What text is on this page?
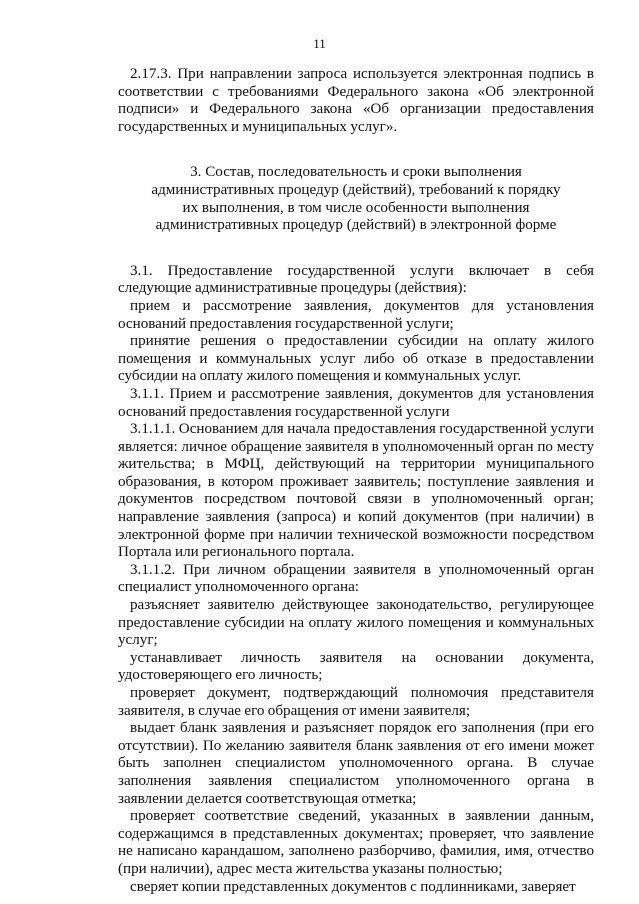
11

2.17.3. При направлении запроса используется электронная подпись в соответствии с требованиями Федерального закона «Об электронной подписи» и Федерального закона «Об организации предоставления государственных и муниципальных услуг».

3. Состав, последовательность и сроки выполнения
административных процедур (действий), требований к порядку
их выполнения, в том числе особенности выполнения
административных процедур (действий) в электронной форме

3.1. Предоставление государственной услуги включает в себя следующие административные процедуры (действия):

прием и рассмотрение заявления, документов для установления оснований предоставления государственной услуги;

принятие решения о предоставлении субсидии на оплату жилого помещения и коммунальных услуг либо об отказе в предоставлении субсидии на оплату жилого помещения и коммунальных услуг.

3.1.1. Прием и рассмотрение заявления, документов для установления оснований предоставления государственной услуги

3.1.1.1. Основанием для начала предоставления государственной услуги является: личное обращение заявителя в уполномоченный орган по месту жительства; в МФЦ, действующий на территории муниципального образования, в котором проживает заявитель; поступление заявления и документов посредством почтовой связи в уполномоченный орган; направление заявления (запроса) и копий документов (при наличии) в электронной форме при наличии технической возможности посредством Портала или регионального портала.

3.1.1.2. При личном обращении заявителя в уполномоченный орган специалист уполномоченного органа:

разъясняет заявителю действующее законодательство, регулирующее предоставление субсидии на оплату жилого помещения и коммунальных услуг;

устанавливает личность заявителя на основании документа, удостоверяющего его личность;

проверяет документ, подтверждающий полномочия представителя заявителя, в случае его обращения от имени заявителя;

выдает бланк заявления и разъясняет порядок его заполнения (при его отсутствии). По желанию заявителя бланк заявления от его имени может быть заполнен специалистом уполномоченного органа. В случае заполнения заявления специалистом уполномоченного органа в заявлении делается соответствующая отметка;

проверяет соответствие сведений, указанных в заявлении данным, содержащимся в представленных документах; проверяет, что заявление не написано карандашом, заполнено разборчиво, фамилия, имя, отчество (при наличии), адрес места жительства указаны полностью;

сверяет копии представленных документов с подлинниками, заверяет
